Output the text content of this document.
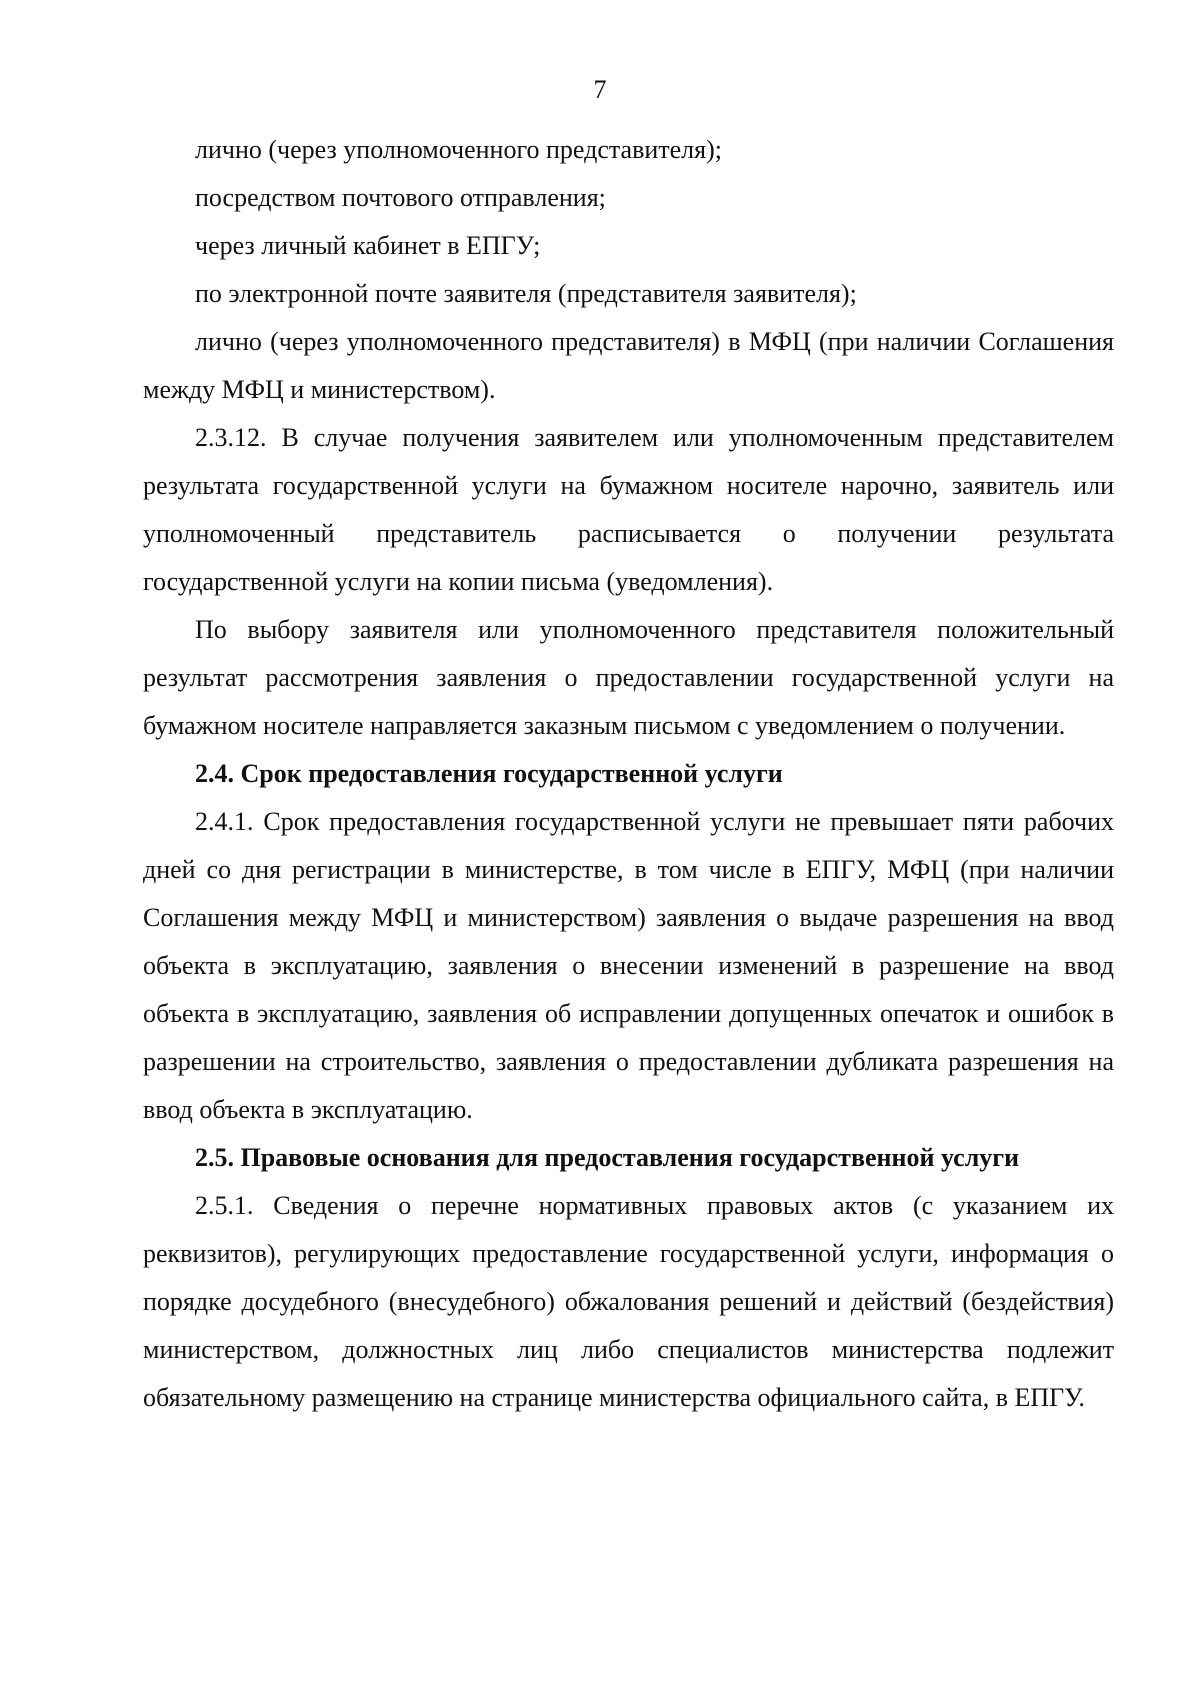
7

лично (через уполномоченного представителя);

посредством почтового отправления;

через личный кабинет в ЕПГУ;

по электронной почте заявителя (представителя заявителя);

лично (через уполномоченного представителя) в МФЦ (при наличии Соглашения между МФЦ и министерством).

2.3.12. В случае получения заявителем или уполномоченным представителем результата государственной услуги на бумажном носителе нарочно, заявитель или уполномоченный представитель расписывается о получении результата государственной услуги на копии письма (уведомления).

По выбору заявителя или уполномоченного представителя положительный результат рассмотрения заявления о предоставлении государственной услуги на бумажном носителе направляется заказным письмом с уведомлением о получении.

2.4. Срок предоставления государственной услуги

2.4.1. Срок предоставления государственной услуги не превышает пяти рабочих дней со дня регистрации в министерстве, в том числе в ЕПГУ, МФЦ (при наличии Соглашения между МФЦ и министерством) заявления о выдаче разрешения на ввод объекта в эксплуатацию, заявления о внесении изменений в разрешение на ввод объекта в эксплуатацию, заявления об исправлении допущенных опечаток и ошибок в разрешении на строительство, заявления о предоставлении дубликата разрешения на ввод объекта в эксплуатацию.

2.5. Правовые основания для предоставления государственной услуги

2.5.1. Сведения о перечне нормативных правовых актов (с указанием их реквизитов), регулирующих предоставление государственной услуги, информация о порядке досудебного (внесудебного) обжалования решений и действий (бездействия) министерством, должностных лиц либо специалистов министерства подлежит обязательному размещению на странице министерства официального сайта, в ЕПГУ.
